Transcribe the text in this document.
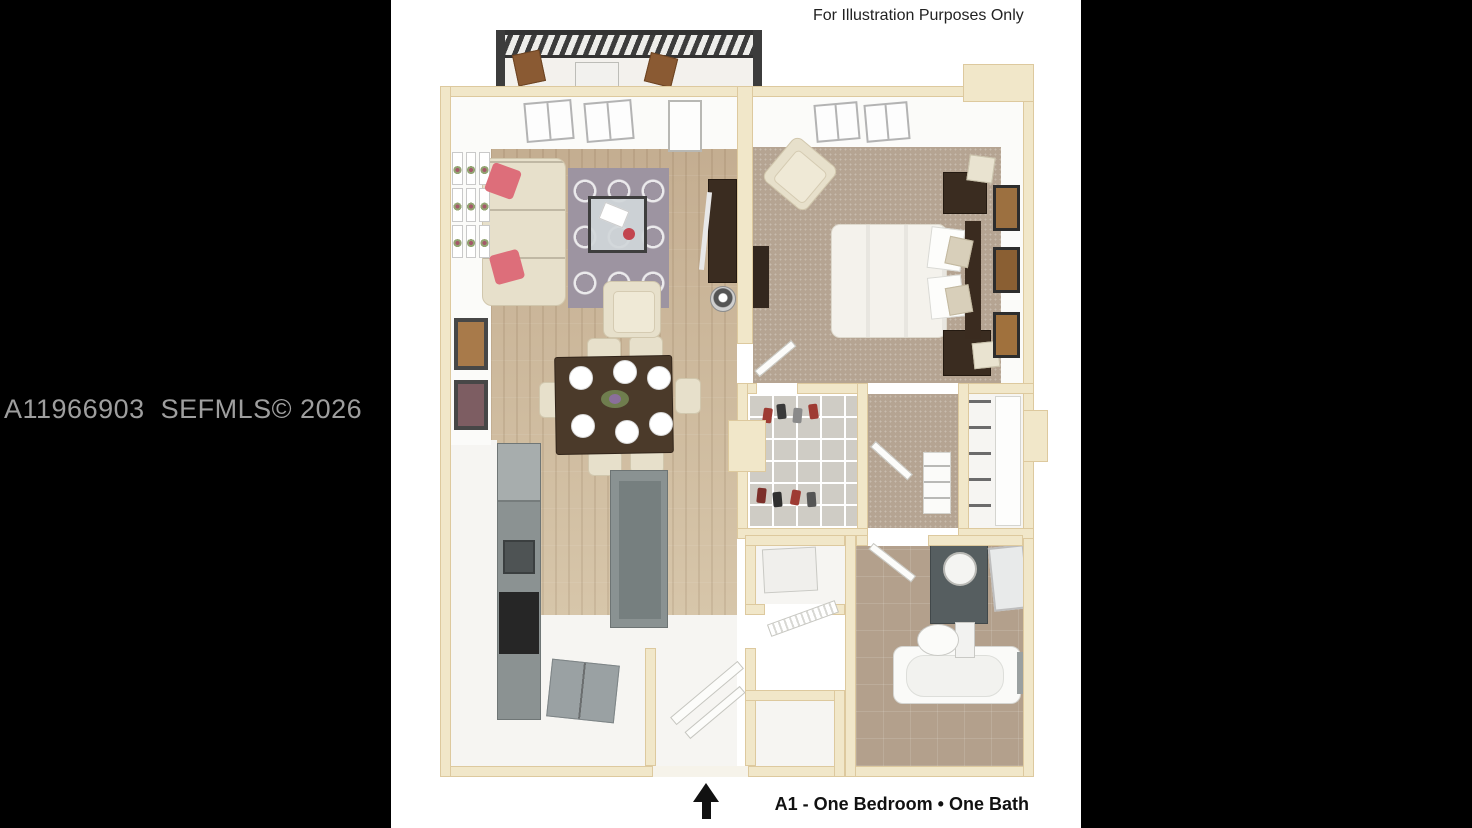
A11966903  SEFMLS© 2026
For Illustration Purposes Only
A1 - One Bedroom • One Bath
